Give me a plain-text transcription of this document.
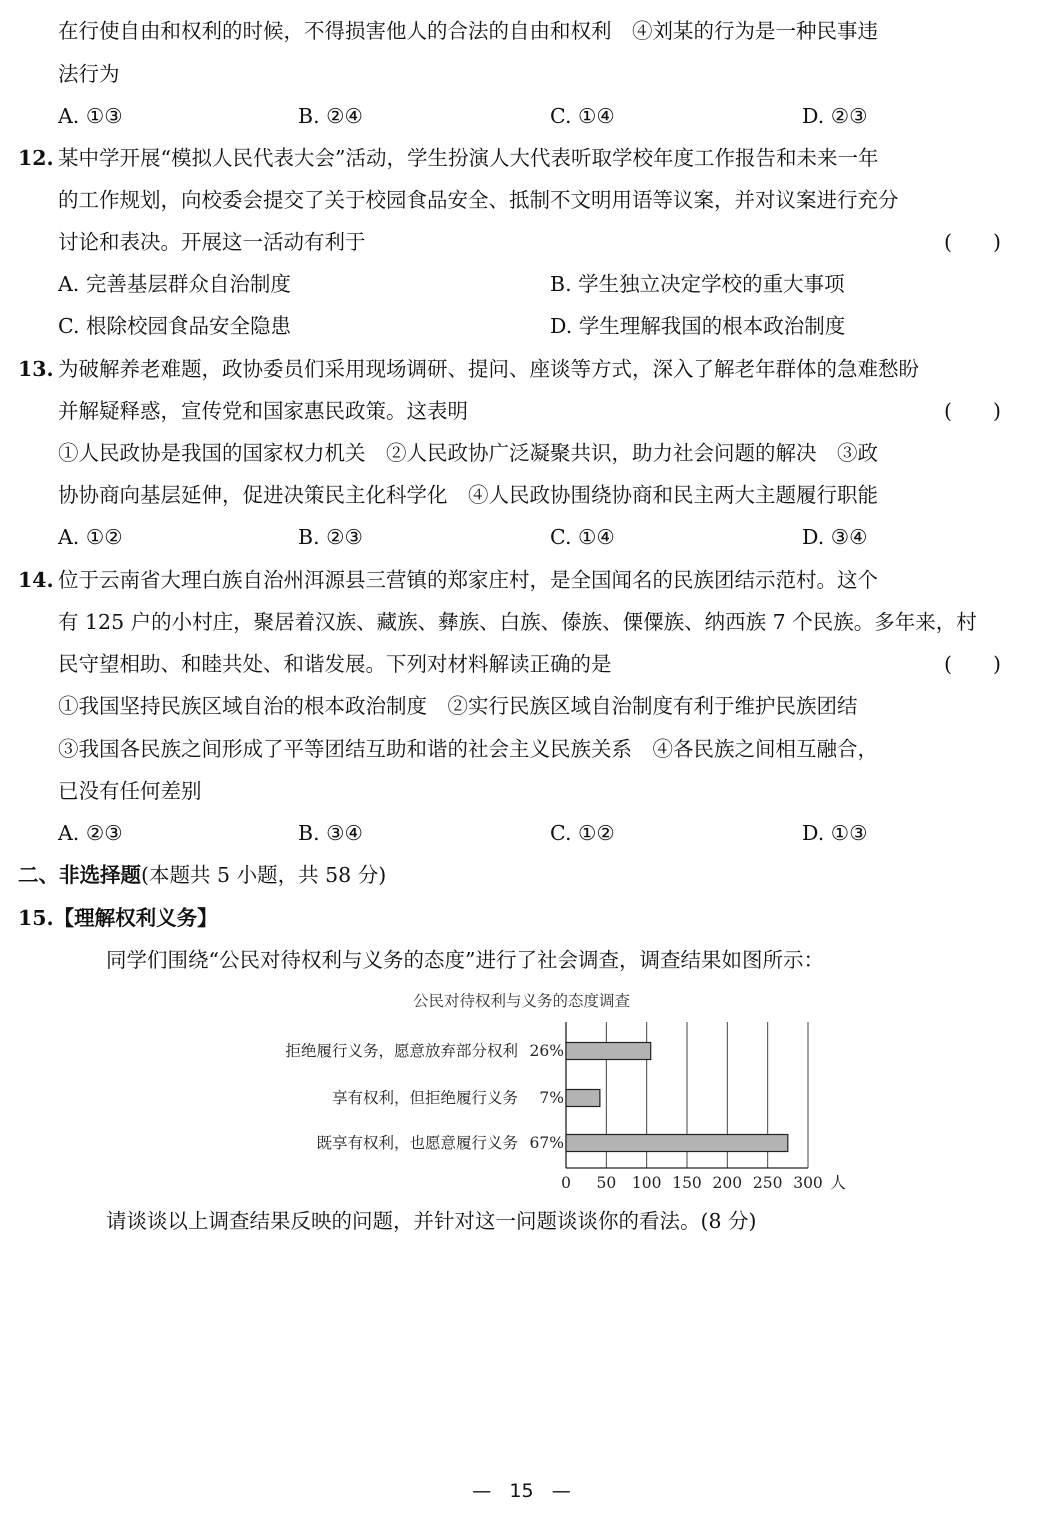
在行使自由和权利的时候，不得损害他人的合法的自由和权利　④刘某的行为是一种民事违
法行为
A. ①③	B. ②④	C. ①④	D. ②③
12. 某中学开展“模拟人民代表大会”活动，学生扮演人大代表听取学校年度工作报告和未来一年
的工作规划，向校委会提交了关于校园食品安全、抵制不文明用语等议案，并对议案进行充分
讨论和表决。开展这一活动有利于	(　　)
A. 完善基层群众自治制度	B. 学生独立决定学校的重大事项
C. 根除校园食品安全隐患	D. 学生理解我国的根本政治制度
13. 为破解养老难题，政协委员们采用现场调研、提问、座谈等方式，深入了解老年群体的急难愁盼
并解疑释惑，宣传党和国家惠民政策。这表明	(　　)
①人民政协是我国的国家权力机关　②人民政协广泛凝聚共识，助力社会问题的解决　③政
协协商向基层延伸，促进决策民主化科学化　④人民政协围绕协商和民主两大主题履行职能
A. ①②	B. ②③	C. ①④	D. ③④
14. 位于云南省大理白族自治州洱源县三营镇的郑家庄村，是全国闻名的民族团结示范村。这个
有 125 户的小村庄，聚居着汉族、藏族、彝族、白族、傣族、傈僳族、纳西族 7 个民族。多年来，村
民守望相助、和睦共处、和谐发展。下列对材料解读正确的是	(　　)
①我国坚持民族区域自治的根本政治制度　②实行民族区域自治制度有利于维护民族团结
③我国各民族之间形成了平等团结互助和谐的社会主义民族关系　④各民族之间相互融合，
已没有任何差别
A. ②③	B. ③④	C. ①②	D. ①③
二、非选择题(本题共 5 小题，共 58 分)
15.【理解权利义务】
同学们围绕“公民对待权利与义务的态度”进行了社会调查，调查结果如图所示：
公民对待权利与义务的态度调查
拒绝履行义务，愿意放弃部分权利 26%
享有权利，但拒绝履行义务 7%
既享有权利，也愿意履行义务 67%
0 50 100 150 200 250 300 人
请谈谈以上调查结果反映的问题，并针对这一问题谈谈你的看法。(8 分)
—   15   —
